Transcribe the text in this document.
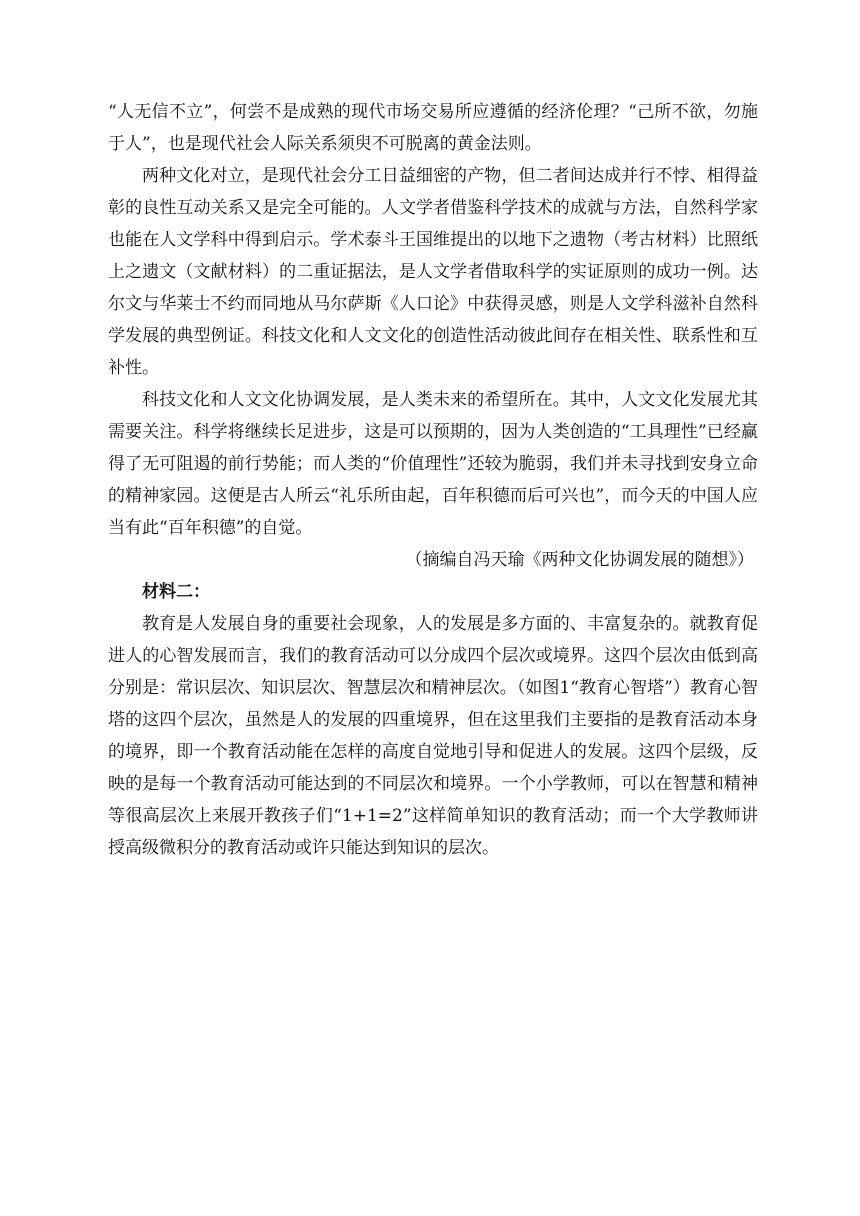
“人无信不立”，何尝不是成熟的现代市场交易所应遵循的经济伦理？“己所不欲，勿施于人”，也是现代社会人际关系须臾不可脱离的黄金法则。

两种文化对立，是现代社会分工日益细密的产物，但二者间达成并行不悖、相得益彰的良性互动关系又是完全可能的。人文学者借鉴科学技术的成就与方法，自然科学家也能在人文学科中得到启示。学术泰斗王国维提出的以地下之遗物（考古材料）比照纸上之遗文（文献材料）的二重证据法，是人文学者借取科学的实证原则的成功一例。达尔文与华莱士不约而同地从马尔萨斯《人口论》中获得灵感，则是人文学科滋补自然科学发展的典型例证。科技文化和人文文化的创造性活动彼此间存在相关性、联系性和互补性。

科技文化和人文文化协调发展，是人类未来的希望所在。其中，人文文化发展尤其需要关注。科学将继续长足进步，这是可以预期的，因为人类创造的“工具理性”已经赢得了无可阻遏的前行势能；而人类的“价值理性”还较为脆弱，我们并未寻找到安身立命的精神家园。这便是古人所云“礼乐所由起，百年积德而后可兴也”，而今天的中国人应当有此“百年积德”的自觉。

（摘编自冯天瑜《两种文化协调发展的随想》）

材料二：

教育是人发展自身的重要社会现象，人的发展是多方面的、丰富复杂的。就教育促进人的心智发展而言，我们的教育活动可以分成四个层次或境界。这四个层次由低到高分别是：常识层次、知识层次、智慧层次和精神层次。（如图1“教育心智塔”）教育心智塔的这四个层次，虽然是人的发展的四重境界，但在这里我们主要指的是教育活动本身的境界，即一个教育活动能在怎样的高度自觉地引导和促进人的发展。这四个层级，反映的是每一个教育活动可能达到的不同层次和境界。一个小学教师，可以在智慧和精神等很高层次上来展开教孩子们“1+1=2”这样简单知识的教育活动；而一个大学教师讲授高级微积分的教育活动或许只能达到知识的层次。
